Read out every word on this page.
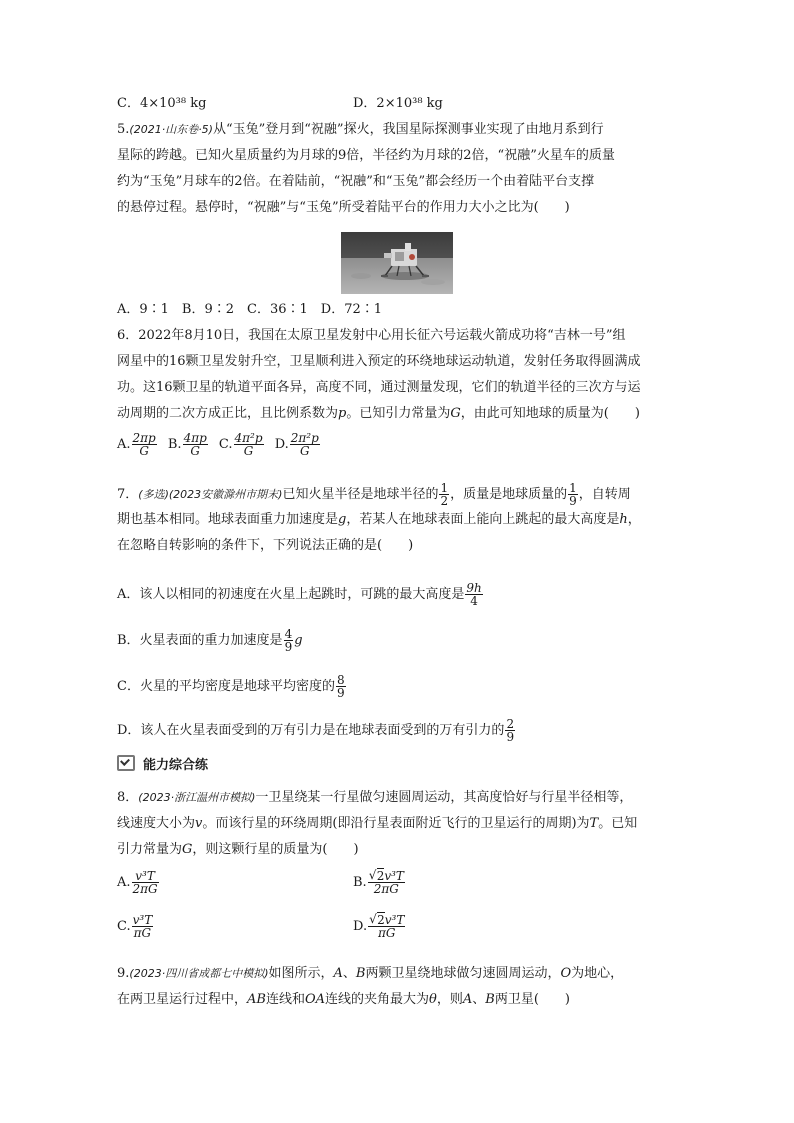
C．4×10³⁸ kg	D．2×10³⁸ kg
5.(2021·山东卷·5)从“玉兔”登月到“祝融”探火，我国星际探测事业实现了由地月系到行
星际的跨越。已知火星质量约为月球的9倍，半径约为月球的2倍，“祝融”火星车的质量
约为“玉兔”月球车的2倍。在着陆前，“祝融”和“玉兔”都会经历一个由着陆平台支撑
的悬停过程。悬停时，“祝融”与“玉兔”所受着陆平台的作用力大小之比为(　　)
A．9∶1　B．9∶2　C．36∶1　D．72∶1
6．2022年8月10日，我国在太原卫星发射中心用长征六号运载火箭成功将“吉林一号”组
网星中的16颗卫星发射升空，卫星顺利进入预定的环绕地球运动轨道，发射任务取得圆满成
功。这16颗卫星的轨道平面各异，高度不同，通过测量发现，它们的轨道半径的三次方与运
动周期的二次方成正比，且比例系数为p。已知引力常量为G，由此可知地球的质量为(　　)
A. $\frac{2\pi p}{G} B$. $\frac{4\pi p}{G} C$. $\frac{\text{4π²p}}{G} D$. $\frac{\text{2π²p}}{G}$
7．(多选)(2023安徽滁州市期末)已知火星半径是地球半径的 $\frac{1}{2}$ ，质量是地球质量的 $\frac{1}{9}$ ，自转周
期也基本相同。地球表面重力加速度是g，若某人在地球表面上能向上跳起的最大高度是h，
在忽略自转影响的条件下，下列说法正确的是(　　)
A．该人以相同的初速度在火星上起跳时，可跳的最大高度是 $\frac{9h}{4}$
B．火星表面的重力加速度是 $\frac{4}{9}$ g
C．火星的平均密度是地球平均密度的 $\frac{8}{9}$
D．该人在火星表面受到的万有引力是在地球表面受到的万有引力的 $\frac{2}{9}$
能力综合练
8．(2023·浙江温州市模拟)一卫星绕某一行星做匀速圆周运动，其高度恰好与行星半径相等，
线速度大小为v。而该行星的环绕周期(即沿行星表面附近飞行的卫星运行的周期)为T。已知
引力常量为G，则这颗行星的质量为(　　)
A. $\frac{\text{v³T}}{2\pi G}$	B. √ $\frac{\text{2v³T}}{2\pi G}$
C. $\frac{\text{v³T}}{\pi G}$	D. √ $\frac{\text{2v³T}}{\pi G}$
9.(2023·四川省成都七中模拟)如图所示，A、B两颗卫星绕地球做匀速圆周运动，O为地心，
在两卫星运行过程中，AB连线和OA连线的夹角最大为θ，则A、B两卫星(　　)
